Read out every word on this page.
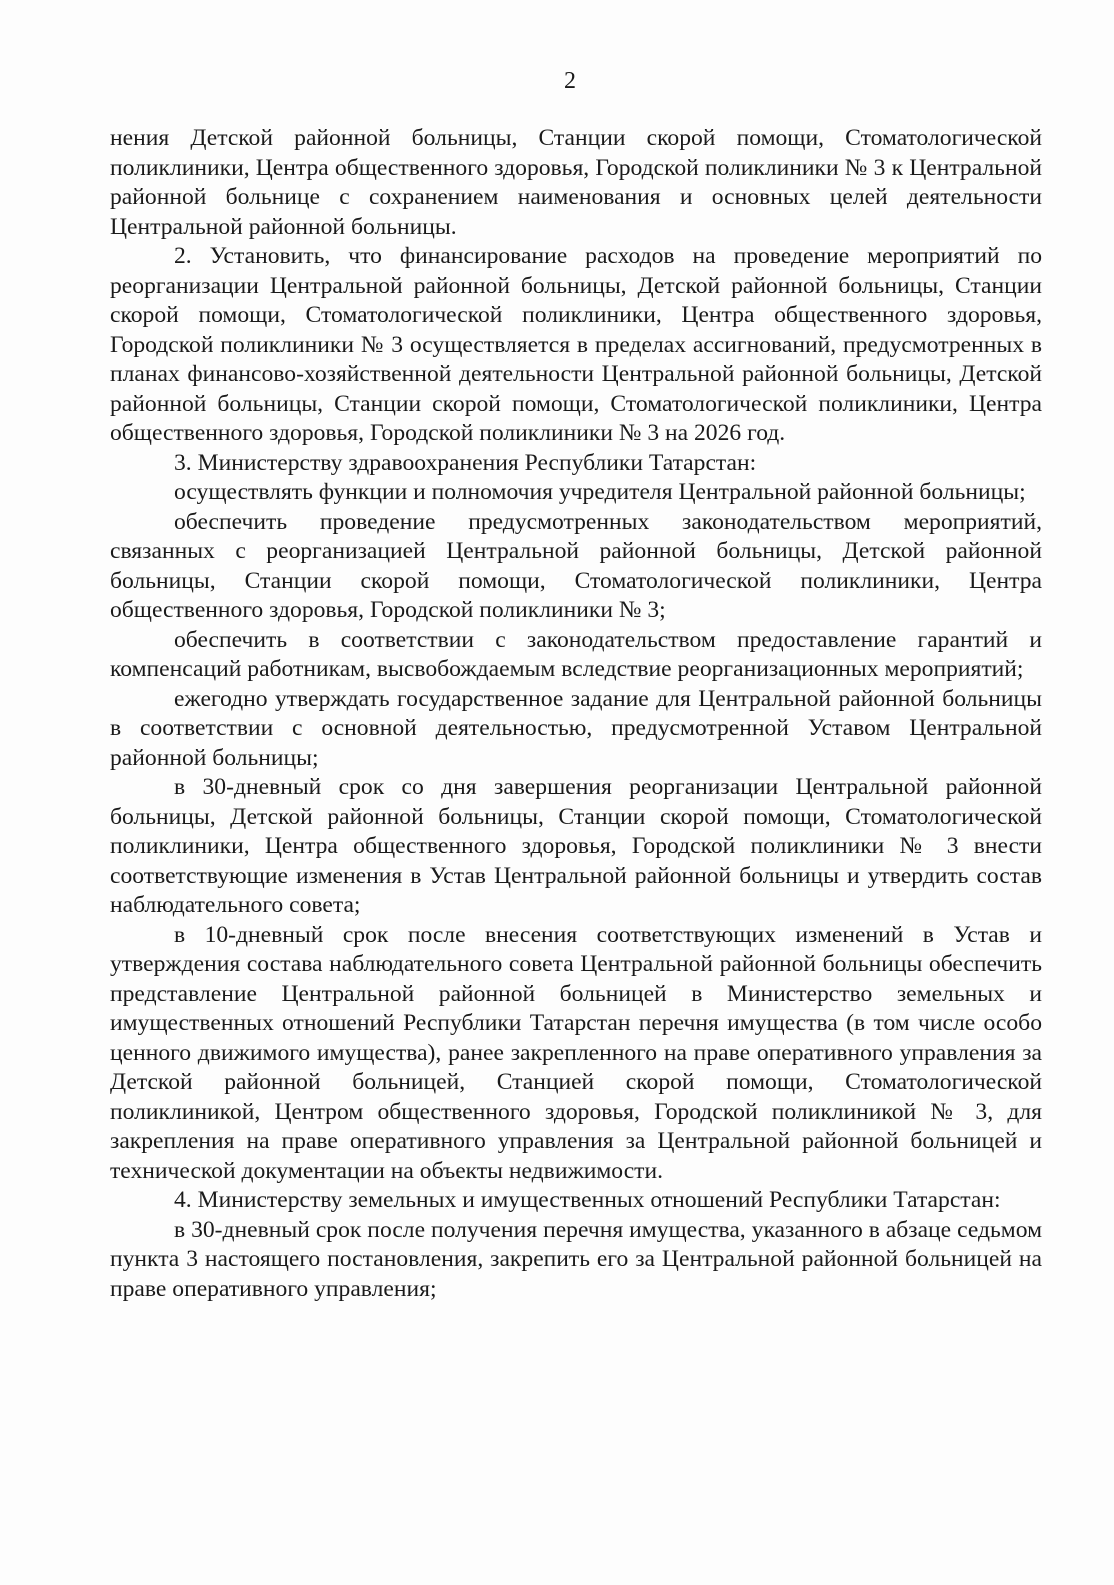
2

нения Детской районной больницы, Станции скорой помощи, Стоматологической поликлиники, Центра общественного здоровья, Городской поликлиники № 3 к Центральной районной больнице с сохранением наименования и основных целей деятельности Центральной районной больницы.

2. Установить, что финансирование расходов на проведение мероприятий по реорганизации Центральной районной больницы, Детской районной больницы, Станции скорой помощи, Стоматологической поликлиники, Центра общественного здоровья, Городской поликлиники № 3 осуществляется в пределах ассигнований, предусмотренных в планах финансово-хозяйственной деятельности Центральной районной больницы, Детской районной больницы, Станции скорой помощи, Стоматологической поликлиники, Центра общественного здоровья, Городской поликлиники № 3 на 2026 год.

3. Министерству здравоохранения Республики Татарстан:

осуществлять функции и полномочия учредителя Центральной районной больницы;

обеспечить проведение предусмотренных законодательством мероприятий, связанных с реорганизацией Центральной районной больницы, Детской районной больницы, Станции скорой помощи, Стоматологической поликлиники, Центра общественного здоровья, Городской поликлиники № 3;

обеспечить в соответствии с законодательством предоставление гарантий и компенсаций работникам, высвобождаемым вследствие реорганизационных мероприятий;

ежегодно утверждать государственное задание для Центральной районной больницы в соответствии с основной деятельностью, предусмотренной Уставом Центральной районной больницы;

в 30-дневный срок со дня завершения реорганизации Центральной районной больницы, Детской районной больницы, Станции скорой помощи, Стоматологической поликлиники, Центра общественного здоровья, Городской поликлиники № 3 внести соответствующие изменения в Устав Центральной районной больницы и утвердить состав наблюдательного совета;

в 10-дневный срок после внесения соответствующих изменений в Устав и утверждения состава наблюдательного совета Центральной районной больницы обеспечить представление Центральной районной больницей в Министерство земельных и имущественных отношений Республики Татарстан перечня имущества (в том числе особо ценного движимого имущества), ранее закрепленного на праве оперативного управления за Детской районной больницей, Станцией скорой помощи, Стоматологической поликлиникой, Центром общественного здоровья, Городской поликлиникой № 3, для закрепления на праве оперативного управления за Центральной районной больницей и технической документации на объекты недвижимости.

4. Министерству земельных и имущественных отношений Республики Татарстан:

в 30-дневный срок после получения перечня имущества, указанного в абзаце седьмом пункта 3 настоящего постановления, закрепить его за Центральной районной больницей на праве оперативного управления;
